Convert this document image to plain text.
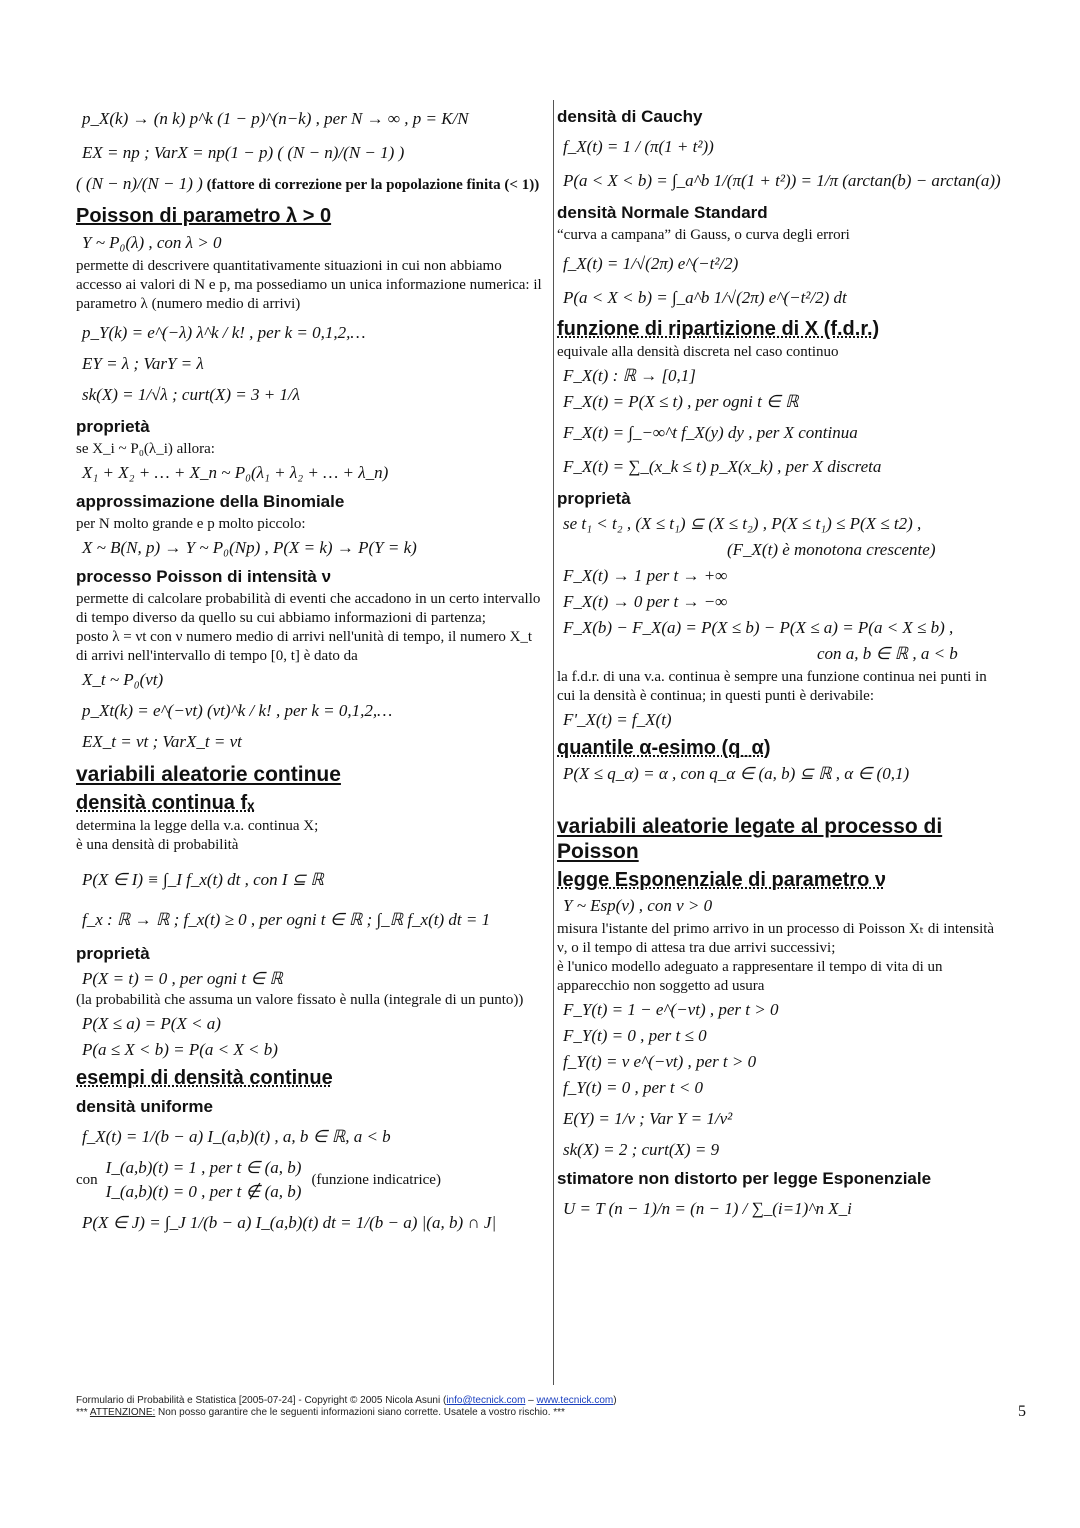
p_X(k) → (n k) p^k (1 − p)^(n−k) , per N → ∞ , p = K/N
EX = np ; VarX = np(1 − p) ( (N − n)/(N − 1) )
( (N − n)/(N − 1) ) (fattore di correzione per la popolazione finita (< 1))
Poisson di parametro λ > 0
Y ~ P₀(λ) , con λ > 0

permette di descrivere quantitativamente situazioni in cui non abbiamo accesso ai valori di N e p, ma possediamo un unica informazione numerica: il parametro λ (numero medio di arrivi)

p_Y(k) = e^(−λ) λ^k / k! , per k = 0,1,2,…
EY = λ ; VarY = λ
sk(X) = 1/√λ ; curt(X) = 3 + 1/λ
proprietà

se X_i ~ P₀(λ_i) allora:

X₁ + X₂ + … + X_n ~ P₀(λ₁ + λ₂ + … + λ_n)
approssimazione della Binomiale

per N molto grande e p molto piccolo:

X ~ B(N, p) → Y ~ P₀(Np) , P(X = k) → P(Y = k)
processo Poisson di intensità ν

permette di calcolare probabilità di eventi che accadono in un certo intervallo di tempo diverso da quello su cui abbiamo informazioni di partenza;

posto λ = νt con ν numero medio di arrivi nell'unità di tempo, il numero X_t di arrivi nell'intervallo di tempo [0, t] è dato da

X_t ~ P₀(νt)
p_Xt(k) = e^(−νt) (νt)^k / k! , per k = 0,1,2,…
EX_t = νt ; VarX_t = νt
variabili aleatorie continue
densità continua fₓ

determina la legge della v.a. continua X;

è una densità di probabilità

P(X ∈ I) ≡ ∫_I f_x(t) dt , con I ⊆ ℝ
f_x : ℝ → ℝ ; f_x(t) ≥ 0 , per ogni t ∈ ℝ ; ∫_ℝ f_x(t) dt = 1
proprietà
P(X = t) = 0 , per ogni t ∈ ℝ

(la probabilità che assuma un valore fissato è nulla (integrale di un punto))

P(X ≤ a) = P(X < a)
P(a ≤ X < b) = P(a < X < b)
esempi di densità continue
densità uniforme
f_X(t) = 1/(b − a) I_(a,b)(t) , a, b ∈ ℝ, a < b
con
I_(a,b)(t) = 1 , per t ∈ (a, b)
I_(a,b)(t) = 0 , per t ∉ (a, b)
(funzione indicatrice)
P(X ∈ J) = ∫_J 1/(b − a) I_(a,b)(t) dt = 1/(b − a) |(a, b) ∩ J|
densità di Cauchy
f_X(t) = 1 / (π(1 + t²))
P(a < X < b) = ∫_a^b 1/(π(1 + t²)) = 1/π (arctan(b) − arctan(a))
densità Normale Standard

“curva a campana” di Gauss, o curva degli errori

f_X(t) = 1/√(2π) e^(−t²/2)
P(a < X < b) = ∫_a^b 1/√(2π) e^(−t²/2) dt
funzione di ripartizione di X (f.d.r.)

equivale alla densità discreta nel caso continuo

F_X(t) : ℝ → [0,1]
F_X(t) = P(X ≤ t) , per ogni t ∈ ℝ
F_X(t) = ∫_−∞^t f_X(y) dy , per X continua
F_X(t) = ∑_(x_k ≤ t) p_X(x_k) , per X discreta
proprietà
se t₁ < t₂ , (X ≤ t₁) ⊆ (X ≤ t₂) , P(X ≤ t₁) ≤ P(X ≤ t2) ,
(F_X(t) è monotona crescente)
F_X(t) → 1 per t → +∞
F_X(t) → 0 per t → −∞
F_X(b) − F_X(a) = P(X ≤ b) − P(X ≤ a) = P(a < X ≤ b) ,
con a, b ∈ ℝ , a < b

la f.d.r. di una v.a. continua è sempre una funzione continua nei punti in cui la densità è continua; in questi punti è derivabile:

F'_X(t) = f_X(t)
quantile α-esimo (q_α)
P(X ≤ q_α) = α , con q_α ∈ (a, b) ⊆ ℝ , α ∈ (0,1)
variabili aleatorie legate al processo di Poisson
legge Esponenziale di parametro ν
Y ~ Esp(ν) , con ν > 0

misura l'istante del primo arrivo in un processo di Poisson Xₜ di intensità ν, o il tempo di attesa tra due arrivi successivi;

è l'unico modello adeguato a rappresentare il tempo di vita di un apparecchio non soggetto ad usura

F_Y(t) = 1 − e^(−νt) , per t > 0
F_Y(t) = 0 , per t ≤ 0
f_Y(t) = ν e^(−νt) , per t > 0
f_Y(t) = 0 , per t < 0
E(Y) = 1/ν ; Var Y = 1/ν²
sk(X) = 2 ; curt(X) = 9
stimatore non distorto per legge Esponenziale
U = T (n − 1)/n = (n − 1) / ∑_(i=1)^n X_i
Formulario di Probabilità e Statistica [2005-07-24] - Copyright © 2005 Nicola Asuni (info@tecnick.com – www.tecnick.com)
*** ATTENZIONE: Non posso garantire che le seguenti informazioni siano corrette. Usatele a vostro rischio. ***	5
